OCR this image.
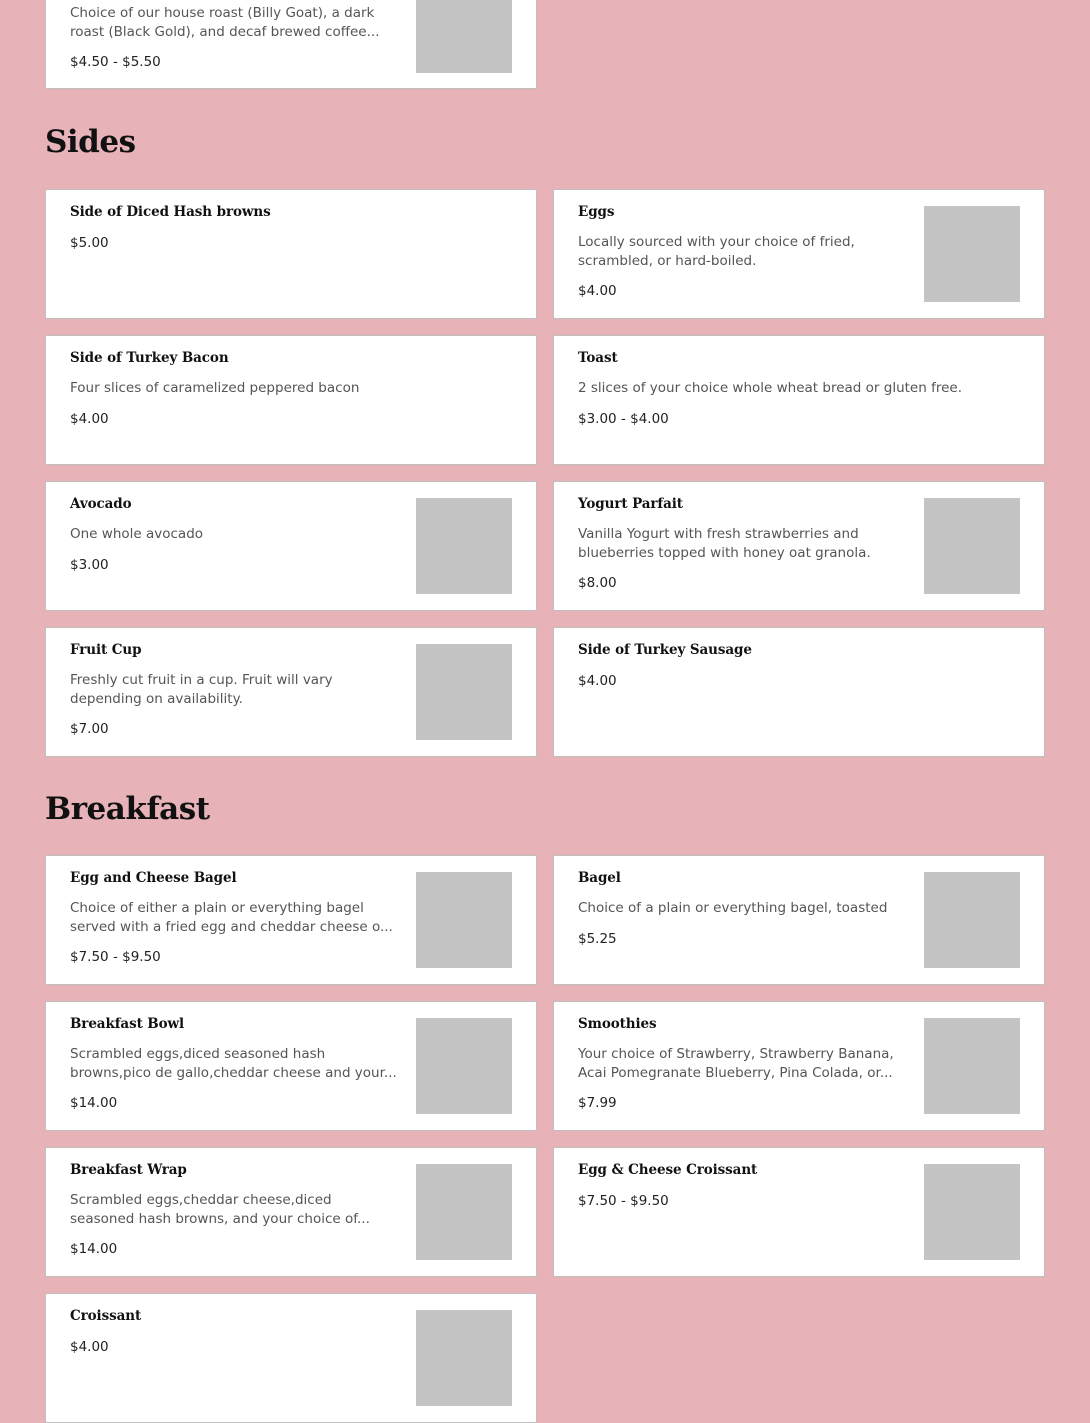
Choice of our house roast (Billy Goat), a dark roast (Black Gold), and decaf brewed coffee...
$4.50 - $5.50
Sides
Side of Diced Hash browns
$5.00
Eggs
Locally sourced with your choice of fried, scrambled, or hard-boiled.
$4.00
Side of Turkey Bacon
Four slices of caramelized peppered bacon
$4.00
Toast
2 slices of your choice whole wheat bread or gluten free.
$3.00 - $4.00
Avocado
One whole avocado
$3.00
Yogurt Parfait
Vanilla Yogurt with fresh strawberries and blueberries topped with honey oat granola.
$8.00
Fruit Cup
Freshly cut fruit in a cup. Fruit will vary depending on availability.
$7.00
Side of Turkey Sausage
$4.00
Breakfast
Egg and Cheese Bagel
Choice of either a plain or everything bagel served with a fried egg and cheddar cheese o...
$7.50 - $9.50
Bagel
Choice of a plain or everything bagel, toasted
$5.25
Breakfast Bowl
Scrambled eggs,diced seasoned hash browns,pico de gallo,cheddar cheese and your...
$14.00
Smoothies
Your choice of Strawberry, Strawberry Banana, Acai Pomegranate Blueberry, Pina Colada, or...
$7.99
Breakfast Wrap
Scrambled eggs,cheddar cheese,diced seasoned hash browns, and your choice of...
$14.00
Egg & Cheese Croissant
$7.50 - $9.50
Croissant
$4.00
